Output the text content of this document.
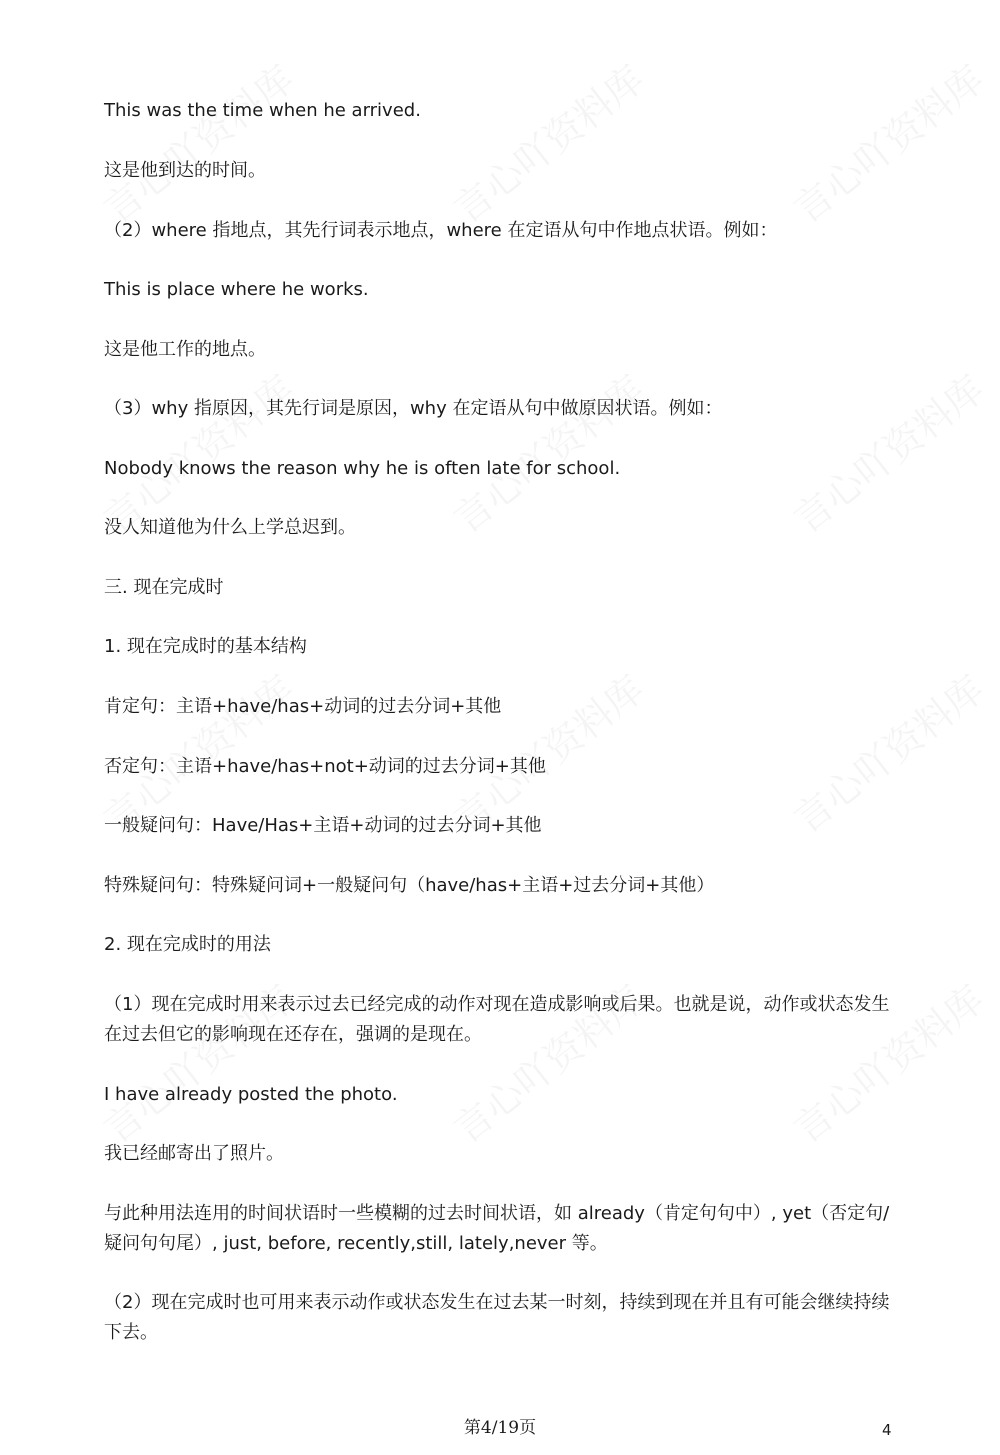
This was the time when he arrived.
这是他到达的时间。
（2）where 指地点，其先行词表示地点，where 在定语从句中作地点状语。例如：
This is place where he works.
这是他工作的地点。
（3）why 指原因，其先行词是原因，why 在定语从句中做原因状语。例如：
Nobody knows the reason why he is often late for school.
没人知道他为什么上学总迟到。
三. 现在完成时
1. 现在完成时的基本结构
肯定句：主语+have/has+动词的过去分词+其他
否定句：主语+have/has+not+动词的过去分词+其他
一般疑问句：Have/Has+主语+动词的过去分词+其他
特殊疑问句：特殊疑问词+一般疑问句（have/has+主语+过去分词+其他）
2. 现在完成时的用法
（1）现在完成时用来表示过去已经完成的动作对现在造成影响或后果。也就是说，动作或状态发生在过去但它的影响现在还存在，强调的是现在。
I have already posted the photo.
我已经邮寄出了照片。
与此种用法连用的时间状语时一些模糊的过去时间状语，如 already（肯定句句中）, yet（否定句/疑问句句尾）, just, before, recently,still, lately,never 等。
（2）现在完成时也可用来表示动作或状态发生在过去某一时刻，持续到现在并且有可能会继续持续下去。
第4/19页	4
